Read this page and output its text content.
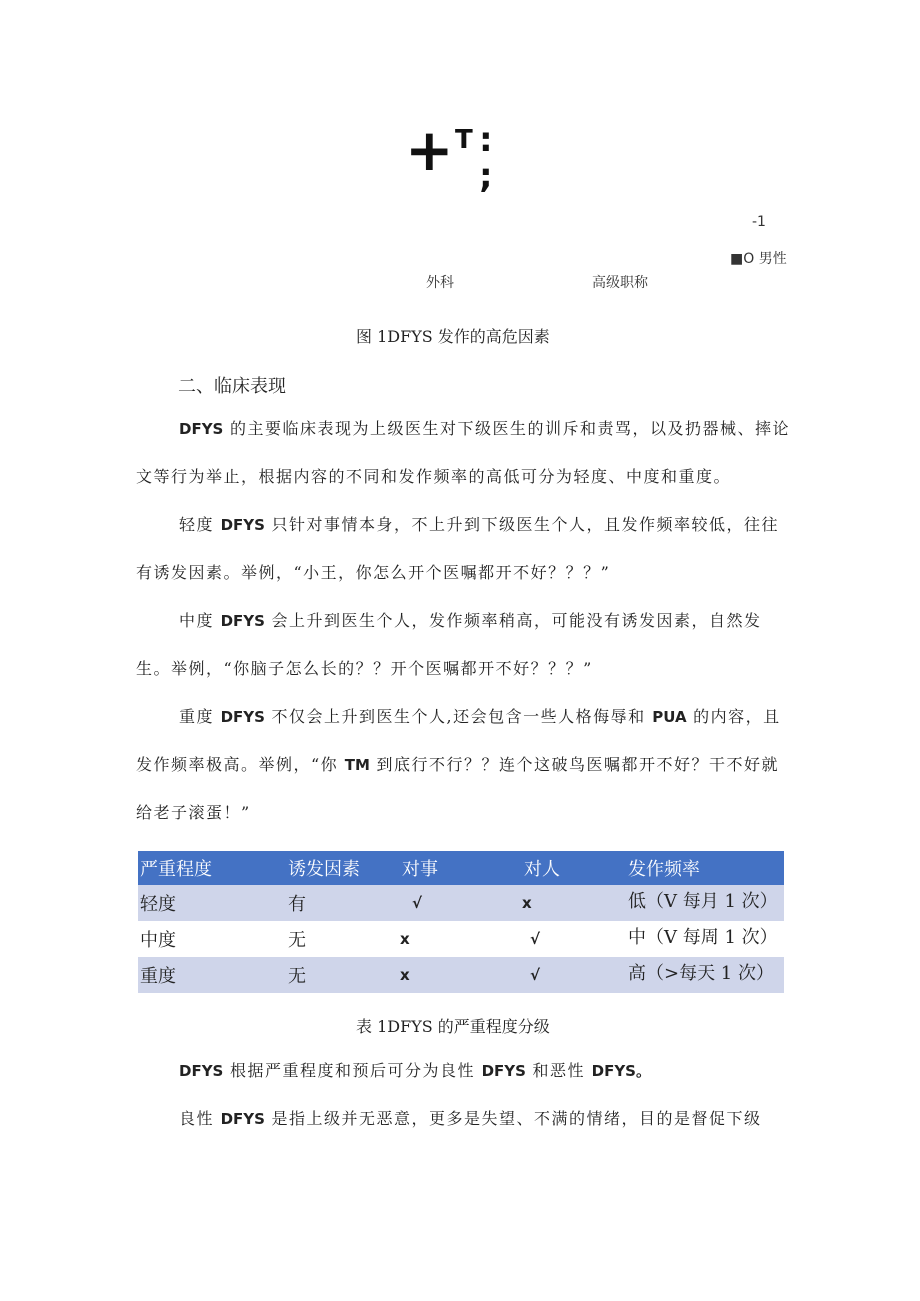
+ T :
;
-1
■O 男性
外科	高级职称
图 1DFYS 发作的高危因素
二、临床表现

DFYS 的主要临床表现为上级医生对下级医生的训斥和责骂，以及扔器械、摔论文等行为举止，根据内容的不同和发作频率的高低可分为轻度、中度和重度。

轻度 DFYS 只针对事情本身，不上升到下级医生个人，且发作频率较低，往往有诱发因素。举例，“小王，你怎么开个医嘱都开不好？？？”

中度 DFYS 会上升到医生个人，发作频率稍高，可能没有诱发因素，自然发生。举例，“你脑子怎么长的？？开个医嘱都开不好？？？”

重度 DFYS 不仅会上升到医生个人,还会包含一些人格侮辱和 PUA 的内容，且发作频率极高。举例，“你 TM 到底行不行？？连个这破鸟医嘱都开不好？干不好就给老子滚蛋！”

严重程度	诱发因素	对事	对人	发作频率
轻度	有	√	x	低（V 每月 1 次）
中度	无	x	√	中（V 每周 1 次）
重度	无	x	√	高（>每天 1 次）
表 1DFYS 的严重程度分级

DFYS 根据严重程度和预后可分为良性 DFYS 和恶性 DFYS。

良性 DFYS 是指上级并无恶意，更多是失望、不满的情绪，目的是督促下级
